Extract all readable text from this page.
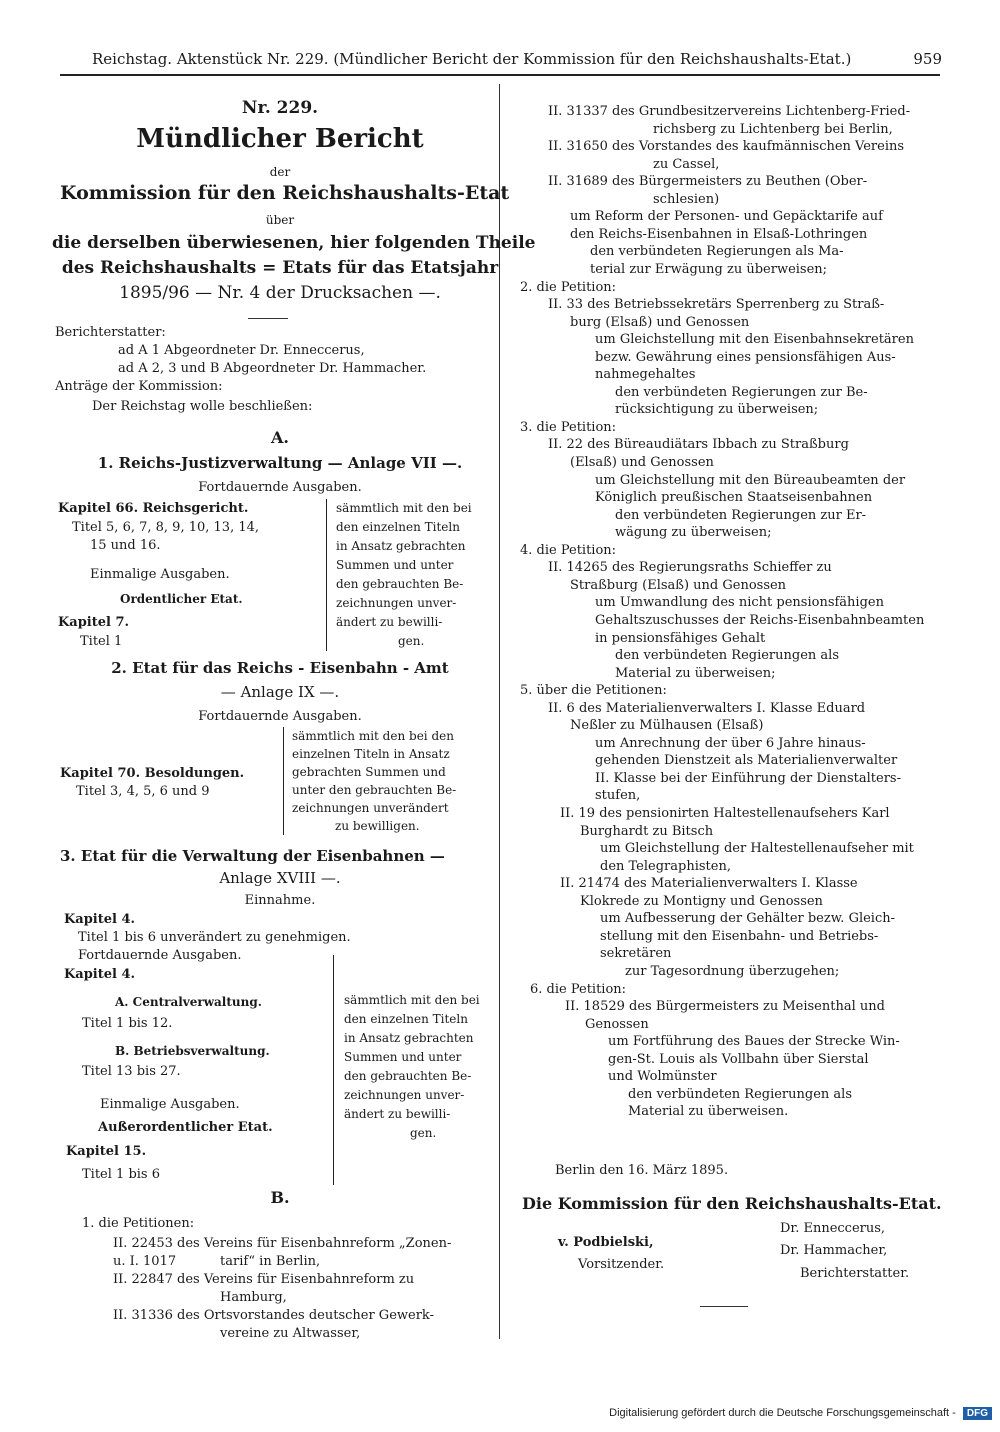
Reichstag. Aktenstück Nr. 229. (Mündlicher Bericht der Kommission für den Reichshaushalts-Etat.)	959
Nr. 229.
Mündlicher Bericht
der
Kommission für den Reichshaushalts-Etat
über
die derselben überwiesenen, hier folgenden Theile
des Reichshaushalts = Etats für das Etatsjahr
1895/96 — Nr. 4 der Drucksachen —.
Berichterstatter:
ad A 1 Abgeordneter Dr. Enneccerus,
ad A 2, 3 und B Abgeordneter Dr. Hammacher.
Anträge der Kommission:
Der Reichstag wolle beschließen:
A.
1. Reichs-Justizverwaltung — Anlage VII —.
Fortdauernde Ausgaben.
Kapitel 66. Reichsgericht.
Titel 5, 6, 7, 8, 9, 10, 13, 14,
15 und 16.
Einmalige Ausgaben.
Ordentlicher Etat.
Kapitel 7.
Titel 1
sämmtlich mit den bei
den einzelnen Titeln
in Ansatz gebrachten
Summen und unter
den gebrauchten Be-
zeichnungen unver-
ändert zu bewilli-
gen.
2. Etat für das Reichs - Eisenbahn - Amt
— Anlage IX —.
Fortdauernde Ausgaben.
Kapitel 70. Besoldungen.
Titel 3, 4, 5, 6 und 9
sämmtlich mit den bei den
einzelnen Titeln in Ansatz
gebrachten Summen und
unter den gebrauchten Be-
zeichnungen unverändert
zu bewilligen.
3. Etat für die Verwaltung der Eisenbahnen —
Anlage XVIII —.
Einnahme.
Kapitel 4.
Titel 1 bis 6 unverändert zu genehmigen.
Fortdauernde Ausgaben.
Kapitel 4.
A. Centralverwaltung.
Titel 1 bis 12.
B. Betriebsverwaltung.
Titel 13 bis 27.
Einmalige Ausgaben.
Außerordentlicher Etat.
Kapitel 15.
Titel 1 bis 6
sämmtlich mit den bei
den einzelnen Titeln
in Ansatz gebrachten
Summen und unter
den gebrauchten Be-
zeichnungen unver-
ändert zu bewilli-
gen.
B.
1. die Petitionen:
II. 22453 des Vereins für Eisenbahnreform „Zonen-
u. I. 1017	tarif“ in Berlin,
II. 22847 des Vereins für Eisenbahnreform zu
Hamburg,
II. 31336 des Ortsvorstandes deutscher Gewerk-
vereine zu Altwasser,
II. 31337 des Grundbesitzervereins Lichtenberg-Fried-
richsberg zu Lichtenberg bei Berlin,
II. 31650 des Vorstandes des kaufmännischen Vereins
zu Cassel,
II. 31689 des Bürgermeisters zu Beuthen (Ober-
schlesien)
um Reform der Personen- und Gepäcktarife auf
den Reichs-Eisenbahnen in Elsaß-Lothringen
den verbündeten Regierungen als Ma-
terial zur Erwägung zu überweisen;
2. die Petition:
II. 33 des Betriebssekretärs Sperrenberg zu Straß-
burg (Elsaß) und Genossen
um Gleichstellung mit den Eisenbahnsekretären
bezw. Gewährung eines pensionsfähigen Aus-
nahmegehaltes
den verbündeten Regierungen zur Be-
rücksichtigung zu überweisen;
3. die Petition:
II. 22 des Büreaudiätars Ibbach zu Straßburg
(Elsaß) und Genossen
um Gleichstellung mit den Büreaubeamten der
Königlich preußischen Staatseisenbahnen
den verbündeten Regierungen zur Er-
wägung zu überweisen;
4. die Petition:
II. 14265 des Regierungsraths Schieffer zu
Straßburg (Elsaß) und Genossen
um Umwandlung des nicht pensionsfähigen
Gehaltszuschusses der Reichs-Eisenbahnbeamten
in pensionsfähiges Gehalt
den verbündeten Regierungen als
Material zu überweisen;
5. über die Petitionen:
II. 6 des Materialienverwalters I. Klasse Eduard
Neßler zu Mülhausen (Elsaß)
um Anrechnung der über 6 Jahre hinaus-
gehenden Dienstzeit als Materialienverwalter
II. Klasse bei der Einführung der Dienstalters-
stufen,
II. 19 des pensionirten Haltestellenaufsehers Karl
Burghardt zu Bitsch
um Gleichstellung der Haltestellenaufseher mit
den Telegraphisten,
II. 21474 des Materialienverwalters I. Klasse
Klokrede zu Montigny und Genossen
um Aufbesserung der Gehälter bezw. Gleich-
stellung mit den Eisenbahn- und Betriebs-
sekretären
zur Tagesordnung überzugehen;
6. die Petition:
II. 18529 des Bürgermeisters zu Meisenthal und
Genossen
um Fortführung des Baues der Strecke Win-
gen-St. Louis als Vollbahn über Sierstal
und Wolmünster
den verbündeten Regierungen als
Material zu überweisen.
Berlin den 16. März 1895.
Die Kommission für den Reichshaushalts-Etat.
Dr. Enneccerus,
v. Podbielski,
Dr. Hammacher,
Vorsitzender.
Berichterstatter.
Digitalisierung gefördert durch die Deutsche Forschungsgemeinschaft - DFG
